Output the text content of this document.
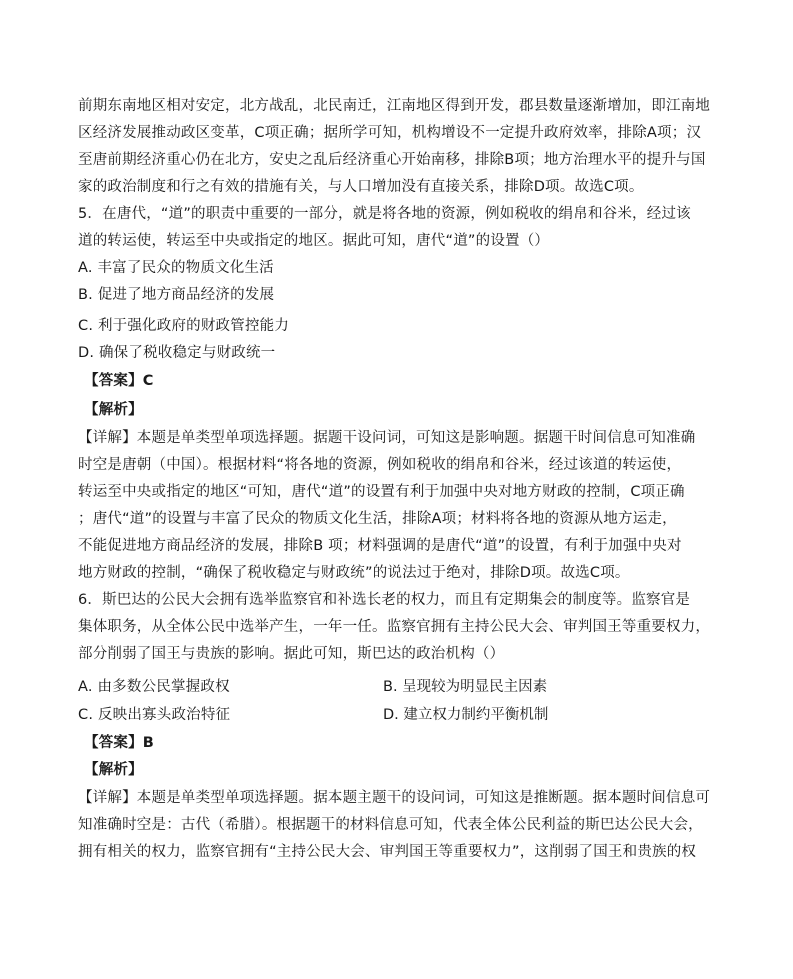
前期东南地区相对安定，北方战乱，北民南迁，江南地区得到开发，郡县数量逐渐增加，即江南地
区经济发展推动政区变革，C项正确；据所学可知，机构增设不一定提升政府效率，排除A项；汉
至唐前期经济重心仍在北方，安史之乱后经济重心开始南移，排除B项；地方治理水平的提升与国
家的政治制度和行之有效的措施有关，与人口增加没有直接关系，排除D项。故选C项。
5．在唐代，“道”的职责中重要的一部分，就是将各地的资源，例如税收的绢帛和谷米，经过该
道的转运使，转运至中央或指定的地区。据此可知，唐代“道”的设置（）
A. 丰富了民众的物质文化生活
B. 促进了地方商品经济的发展
C. 利于强化政府的财政管控能力
D. 确保了税收稳定与财政统一
【答案】C
【解析】
【详解】本题是单类型单项选择题。据题干设问词，可知这是影响题。据题干时间信息可知准确
时空是唐朝（中国）。根据材料“将各地的资源，例如税收的绢帛和谷米，经过该道的转运使，
转运至中央或指定的地区“可知，唐代“道”的设置有利于加强中央对地方财政的控制，C项正确
；唐代“道”的设置与丰富了民众的物质文化生活，排除A项；材料将各地的资源从地方运走，
不能促进地方商品经济的发展，排除B 项；材料强调的是唐代“道”的设置，有利于加强中央对
地方财政的控制，“确保了税收稳定与财政统”的说法过于绝对，排除D项。故选C项。
6．斯巴达的公民大会拥有选举监察官和补选长老的权力，而且有定期集会的制度等。监察官是
集体职务，从全体公民中选举产生，一年一任。监察官拥有主持公民大会、审判国王等重要权力，
部分削弱了国王与贵族的影响。据此可知，斯巴达的政治机构（）
A. 由多数公民掌握政权	B. 呈现较为明显民主因素
C. 反映出寡头政治特征	D. 建立权力制约平衡机制
【答案】B
【解析】
【详解】本题是单类型单项选择题。据本题主题干的设问词，可知这是推断题。据本题时间信息可
知准确时空是：古代（希腊）。根据题干的材料信息可知，代表全体公民利益的斯巴达公民大会，
拥有相关的权力，监察官拥有“主持公民大会、审判国王等重要权力”，这削弱了国王和贵族的权
